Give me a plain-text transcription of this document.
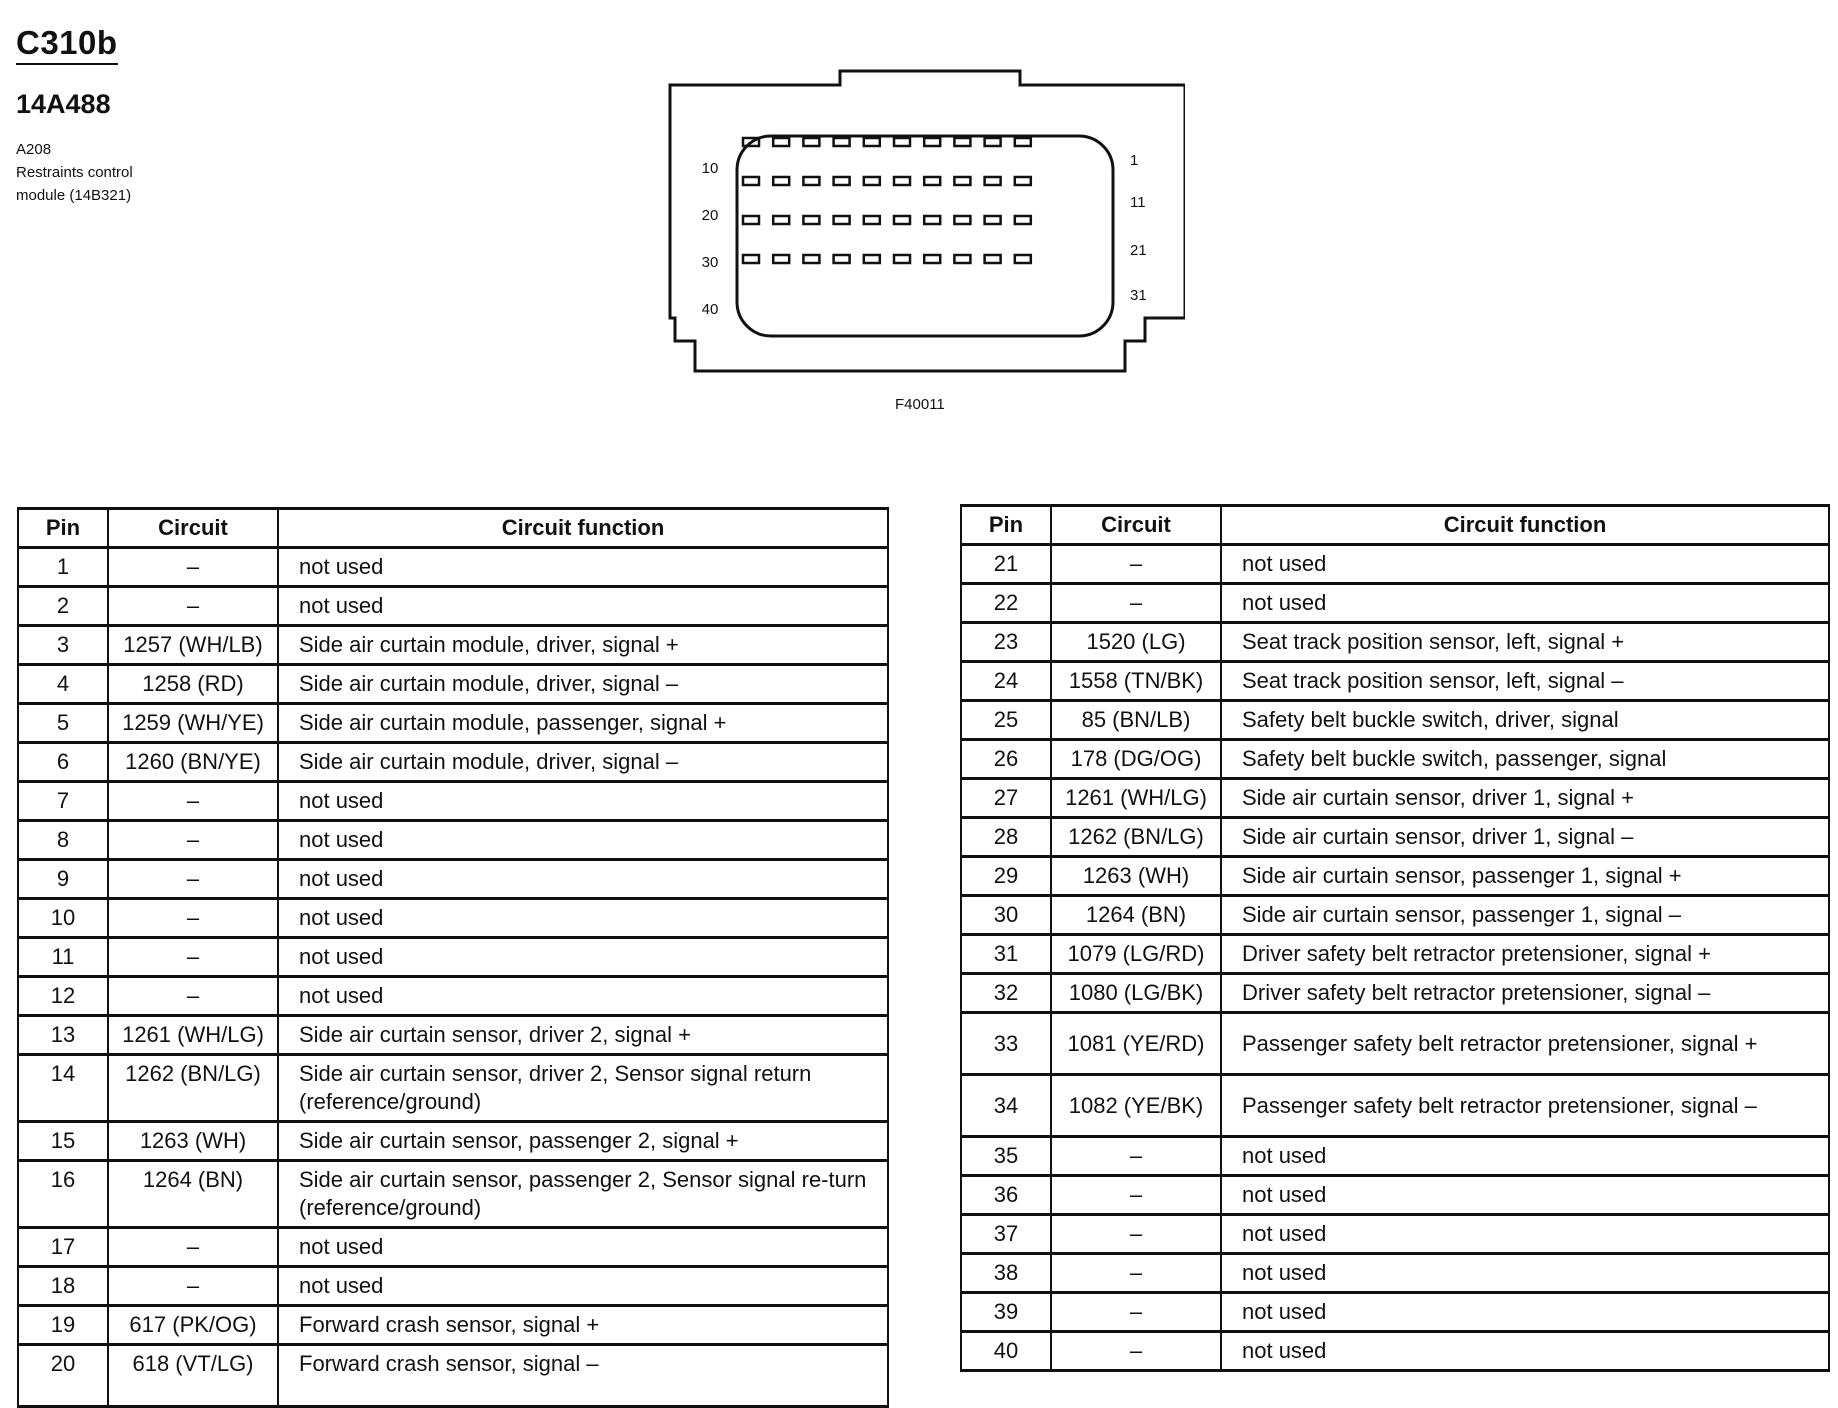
C310b
14A488
A208
Restraints control
module (14B321)
10
20
30
40
1
11
21
31
F40011
Pin	Circuit	Circuit function
1	–	not used
2	–	not used
3	1257 (WH/LB)	Side air curtain module, driver, signal +
4	1258 (RD)	Side air curtain module, driver, signal –
5	1259 (WH/YE)	Side air curtain module, passenger, signal +
6	1260 (BN/YE)	Side air curtain module, driver, signal –
7	–	not used
8	–	not used
9	–	not used
10	–	not used
11	–	not used
12	–	not used
13	1261 (WH/LG)	Side air curtain sensor, driver 2, signal +
14	1262 (BN/LG)	Side air curtain sensor, driver 2, Sensor signal return (reference/ground)
15	1263 (WH)	Side air curtain sensor, passenger 2, signal +
16	1264 (BN)	Side air curtain sensor, passenger 2, Sensor signal re-turn (reference/ground)
17	–	not used
18	–	not used
19	617 (PK/OG)	Forward crash sensor, signal +
20	618 (VT/LG)	Forward crash sensor, signal –
Pin	Circuit	Circuit function
21	–	not used
22	–	not used
23	1520 (LG)	Seat track position sensor, left, signal +
24	1558 (TN/BK)	Seat track position sensor, left, signal –
25	85 (BN/LB)	Safety belt buckle switch, driver, signal
26	178 (DG/OG)	Safety belt buckle switch, passenger, signal
27	1261 (WH/LG)	Side air curtain sensor, driver 1, signal +
28	1262 (BN/LG)	Side air curtain sensor, driver 1, signal –
29	1263 (WH)	Side air curtain sensor, passenger 1, signal +
30	1264 (BN)	Side air curtain sensor, passenger 1, signal –
31	1079 (LG/RD)	Driver safety belt retractor pretensioner, signal +
32	1080 (LG/BK)	Driver safety belt retractor pretensioner, signal –
33	1081 (YE/RD)	Passenger safety belt retractor pretensioner, signal +
34	1082 (YE/BK)	Passenger safety belt retractor pretensioner, signal –
35	–	not used
36	–	not used
37	–	not used
38	–	not used
39	–	not used
40	–	not used
